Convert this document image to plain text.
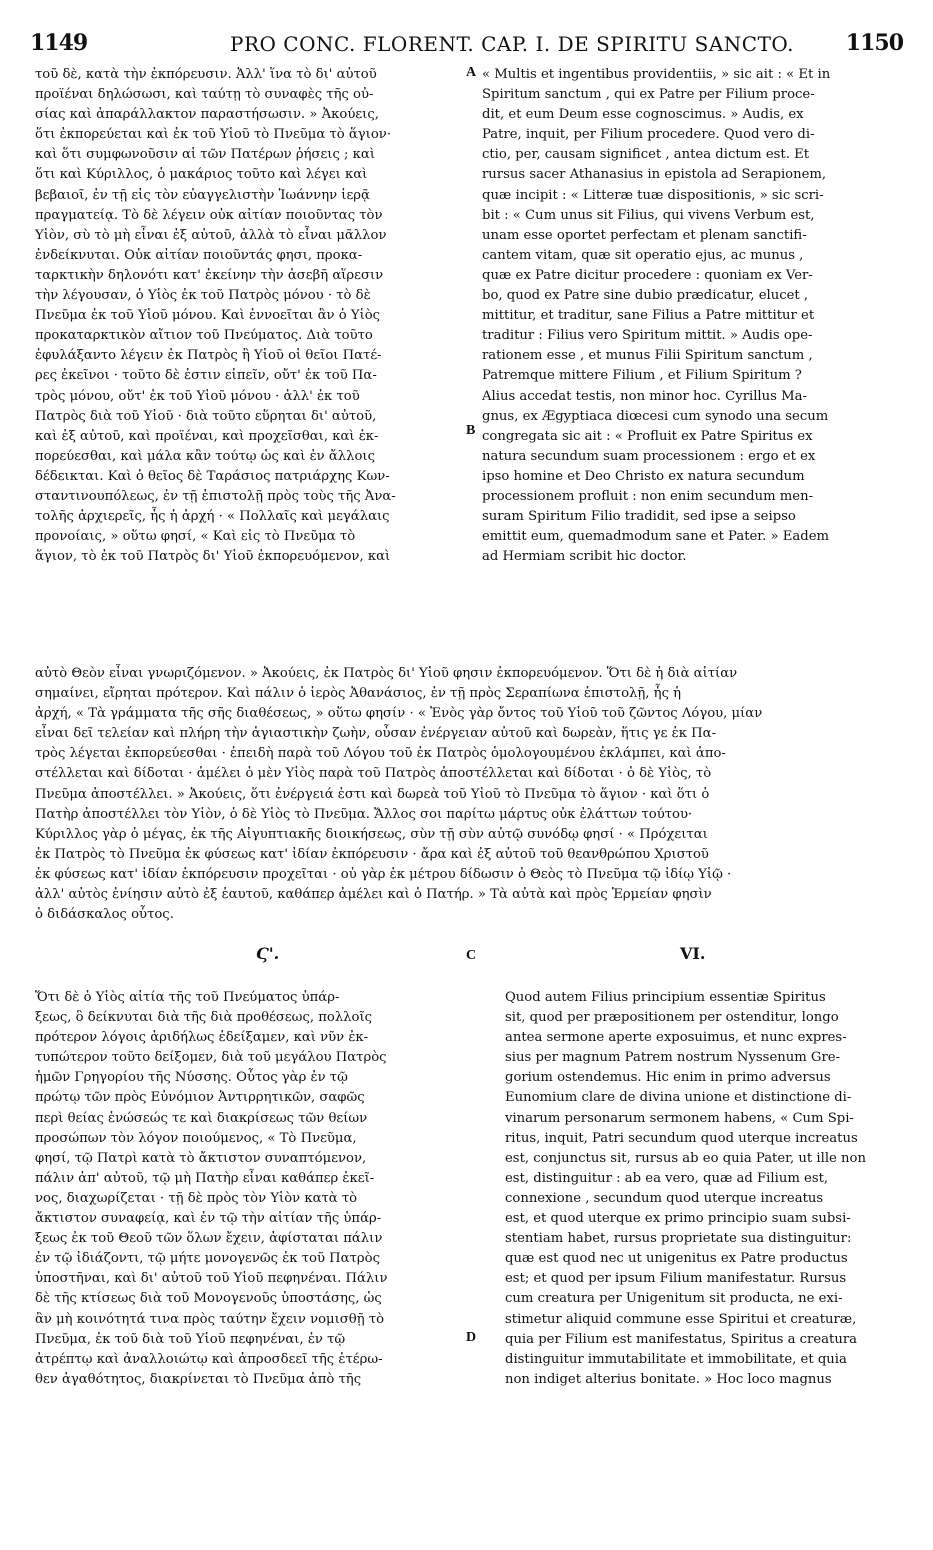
1149	PRO CONC. FLORENT. CAP. I. DE SPIRITU SANCTO. 1150
A
B
C
D
τοῦ δὲ, κατὰ τὴν ἐκπόρευσιν. Ἀλλ' ἵνα τὸ δι' αὐτοῦ
προϊέναι δηλώσωσι, καὶ ταύτῃ τὸ συναφὲς τῆς οὐ-
σίας καὶ ἀπαράλλακτον παραστήσωσιν. » Ἀκούεις,
ὅτι ἐκπορεύεται καὶ ἐκ τοῦ Υἱοῦ τὸ Πνεῦμα τὸ ἅγιον·
καὶ ὅτι συμφωνοῦσιν αἱ τῶν Πατέρων ῥήσεις ; καὶ
ὅτι καὶ Κύριλλος, ὁ μακάριος τοῦτο καὶ λέγει καὶ
βεβαιοῖ, ἐν τῇ εἰς τὸν εὐαγγελιστὴν Ἰωάννην ἱερᾷ
πραγματείᾳ. Τὸ δὲ λέγειν οὐκ αἰτίαν ποιοῦντας τὸν
Υἱὸν, σὺ τὸ μὴ εἶναι ἐξ αὐτοῦ, ἀλλὰ τὸ εἶναι μᾶλλον
ἐνδείκνυται. Οὐκ αἰτίαν ποιοῦντάς φησι, προκα-
ταρκτικὴν δηλονότι κατ' ἐκείνην τὴν ἀσεβῆ αἵρεσιν
τὴν λέγουσαν, ὁ Υἱὸς ἐκ τοῦ Πατρὸς μόνου · τὸ δὲ
Πνεῦμα ἐκ τοῦ Υἱοῦ μόνου. Καὶ ἐννοεῖται ἂν ὁ Υἱὸς
προκαταρκτικὸν αἴτιον τοῦ Πνεύματος. Διὰ τοῦτο
ἐφυλάξαντο λέγειν ἐκ Πατρὸς ἢ Υἱοῦ οἱ θεῖοι Πατέ-
ρες ἐκεῖνοι · τοῦτο δὲ ἐστιν εἰπεῖν, οὔτ' ἐκ τοῦ Πα-
τρὸς μόνου, οὔτ' ἐκ τοῦ Υἱοῦ μόνου · ἀλλ' ἐκ τοῦ
Πατρὸς διὰ τοῦ Υἱοῦ · διὰ τοῦτο εὕρηται δι' αὐτοῦ,
καὶ ἐξ αὐτοῦ, καὶ προϊέναι, καὶ προχεῖσθαι, καὶ ἐκ-
πορεύεσθαι, καὶ μάλα κἂν τούτῳ ὡς καὶ ἐν ἄλλοις
δέδεικται. Καὶ ὁ θεῖος δὲ Ταράσιος πατριάρχης Κων-
σταντινουπόλεως, ἐν τῇ ἐπιστολῇ πρὸς τοὺς τῆς Ἀνα-
τολῆς ἀρχιερεῖς, ἧς ἡ ἀρχή · « Πολλαῖς καὶ μεγάλαις
προνοίαις, » οὕτω φησί, « Καὶ εἰς τὸ Πνεῦμα τὸ
ἅγιον, τὸ ἐκ τοῦ Πατρὸς δι' Υἱοῦ ἐκπορευόμενον, καὶ
« Multis et ingentibus providentiis, » sic ait : « Et in
Spiritum sanctum , qui ex Patre per Filium proce-
dit, et eum Deum esse cognoscimus. » Audis, ex
Patre, inquit, per Filium procedere. Quod vero di-
ctio, per, causam significet , antea dictum est. Et
rursus sacer Athanasius in epistola ad Serapionem,
quæ incipit : « Litteræ tuæ dispositionis, » sic scri-
bit : « Cum unus sit Filius, qui vivens Verbum est,
unam esse oportet perfectam et plenam sanctifi-
cantem vitam, quæ sit operatio ejus, ac munus ,
quæ ex Patre dicitur procedere : quoniam ex Ver-
bo, quod ex Patre sine dubio prædicatur, elucet ,
mittitur, et traditur, sane Filius a Patre mittitur et
traditur : Filius vero Spiritum mittit. » Audis ope-
rationem esse , et munus Filii Spiritum sanctum ,
Patremque mittere Filium , et Filium Spiritum ?
Alius accedat testis, non minor hoc. Cyrillus Ma-
gnus, ex Ægyptiaca diœcesi cum synodo una secum
congregata sic ait : « Profluit ex Patre Spiritus ex
natura secundum suam processionem : ergo et ex
ipso homine et Deo Christo ex natura secundum
processionem profluit : non enim secundum men-
suram Spiritum Filio tradidit, sed ipse a seipso
emittit eum, quemadmodum sane et Pater. » Eadem
ad Hermiam scribit hic doctor.
αὐτὸ Θεὸν εἶναι γνωριζόμενον. » Ἀκούεις, ἐκ Πατρὸς δι' Υἱοῦ φησιν ἐκπορευόμενον. Ὅτι δὲ ἡ διὰ αἰτίαν
σημαίνει, εἴρηται πρότερον. Καὶ πάλιν ὁ ἱερὸς Ἀθανάσιος, ἐν τῇ πρὸς Σεραπίωνα ἐπιστολῇ, ἧς ἡ
ἀρχή, « Τὰ γράμματα τῆς σῆς διαθέσεως, » οὕτω φησίν · « Ἑνὸς γὰρ ὄντος τοῦ Υἱοῦ τοῦ ζῶντος Λόγου, μίαν
εἶναι δεῖ τελείαν καὶ πλήρη τὴν ἁγιαστικὴν ζωὴν, οὖσαν ἐνέργειαν αὐτοῦ καὶ δωρεὰν, ἥτις γε ἐκ Πα-
τρὸς λέγεται ἐκπορεύεσθαι · ἐπειδὴ παρὰ τοῦ Λόγου τοῦ ἐκ Πατρὸς ὁμολογουμένου ἐκλάμπει, καὶ ἀπο-
στέλλεται καὶ δίδοται · ἀμέλει ὁ μὲν Υἱὸς παρὰ τοῦ Πατρὸς ἀποστέλλεται καὶ δίδοται · ὁ δὲ Υἱὸς, τὸ
Πνεῦμα ἀποστέλλει. » Ἀκούεις, ὅτι ἐνέργειά ἐστι καὶ δωρεὰ τοῦ Υἱοῦ τὸ Πνεῦμα τὸ ἅγιον · καὶ ὅτι ὁ
Πατὴρ ἀποστέλλει τὸν Υἱὸν, ὁ δὲ Υἱὸς τὸ Πνεῦμα. Ἄλλος σοι παρίτω μάρτυς οὐκ ἐλάττων τούτου·
Κύριλλος γὰρ ὁ μέγας, ἐκ τῆς Αἰγυπτιακῆς διοικήσεως, σὺν τῇ σὺν αὐτῷ συνόδῳ φησί · « Πρόχειται
ἐκ Πατρὸς τὸ Πνεῦμα ἐκ φύσεως κατ' ἰδίαν ἐκπόρευσιν · ἄρα καὶ ἐξ αὐτοῦ τοῦ θεανθρώπου Χριστοῦ
ἐκ φύσεως κατ' ἰδίαν ἐκπόρευσιν προχεῖται · οὐ γὰρ ἐκ μέτρου δίδωσιν ὁ Θεὸς τὸ Πνεῦμα τῷ ἰδίῳ Υἱῷ ·
ἀλλ' αὐτὸς ἐνίησιν αὐτὸ ἐξ ἑαυτοῦ, καθάπερ ἀμέλει καὶ ὁ Πατήρ. » Τὰ αὐτὰ καὶ πρὸς Ἑρμείαν φησὶν
ὁ διδάσκαλος οὗτος.
Ϛ'.	VI.
Ὅτι δὲ ὁ Υἱὸς αἰτία τῆς τοῦ Πνεύματος ὑπάρ-
ξεως, ὃ δείκνυται διὰ τῆς διὰ προθέσεως, πολλοῖς
πρότερον λόγοις ἀριδήλως ἐδείξαμεν, καὶ νῦν ἐκ-
τυπώτερον τοῦτο δείξομεν, διὰ τοῦ μεγάλου Πατρὸς
ἡμῶν Γρηγορίου τῆς Νύσσης. Οὗτος γὰρ ἐν τῷ
πρώτῳ τῶν πρὸς Εὐνόμιον Ἀντιρρητικῶν, σαφῶς
περὶ θείας ἑνώσεώς τε καὶ διακρίσεως τῶν θείων
προσώπων τὸν λόγον ποιούμενος, « Τὸ Πνεῦμα,
φησί, τῷ Πατρὶ κατὰ τὸ ἄκτιστον συναπτόμενον,
πάλιν ἀπ' αὐτοῦ, τῷ μὴ Πατὴρ εἶναι καθάπερ ἐκεῖ-
νος, διαχωρίζεται · τῇ δὲ πρὸς τὸν Υἱὸν κατὰ τὸ
ἄκτιστον συναφείᾳ, καὶ ἐν τῷ τὴν αἰτίαν τῆς ὑπάρ-
ξεως ἐκ τοῦ Θεοῦ τῶν ὅλων ἔχειν, ἀφίσταται πάλιν
ἐν τῷ ἰδιάζοντι, τῷ μήτε μονογενῶς ἐκ τοῦ Πατρὸς
ὑποστῆναι, καὶ δι' αὐτοῦ τοῦ Υἱοῦ πεφηνέναι. Πάλιν
δὲ τῆς κτίσεως διὰ τοῦ Μονογενοῦς ὑποστάσης, ὡς
ἂν μὴ κοινότητά τινα πρὸς ταύτην ἔχειν νομισθῇ τὸ
Πνεῦμα, ἐκ τοῦ διὰ τοῦ Υἱοῦ πεφηνέναι, ἐν τῷ
ἀτρέπτῳ καὶ ἀναλλοιώτῳ καὶ ἀπροσδεεῖ τῆς ἑτέρω-
θεν ἀγαθότητος, διακρίνεται τὸ Πνεῦμα ἀπὸ τῆς
Quod autem Filius principium essentiæ Spiritus
sit, quod per præpositionem per ostenditur, longo
antea sermone aperte exposuimus, et nunc expres-
sius per magnum Patrem nostrum Nyssenum Gre-
gorium ostendemus. Hic enim in primo adversus
Eunomium clare de divina unione et distinctione di-
vinarum personarum sermonem habens, « Cum Spi-
ritus, inquit, Patri secundum quod uterque increatus
est, conjunctus sit, rursus ab eo quia Pater, ut ille non
est, distinguitur : ab ea vero, quæ ad Filium est,
connexione , secundum quod uterque increatus
est, et quod uterque ex primo principio suam subsi-
stentiam habet, rursus proprietate sua distinguitur:
quæ est quod nec ut unigenitus ex Patre productus
est; et quod per ipsum Filium manifestatur. Rursus
cum creatura per Unigenitum sit producta, ne exi-
stimetur aliquid commune esse Spiritui et creaturæ,
quia per Filium est manifestatus, Spiritus a creatura
distinguitur immutabilitate et immobilitate, et quia
non indiget alterius bonitate. » Hoc loco magnus
